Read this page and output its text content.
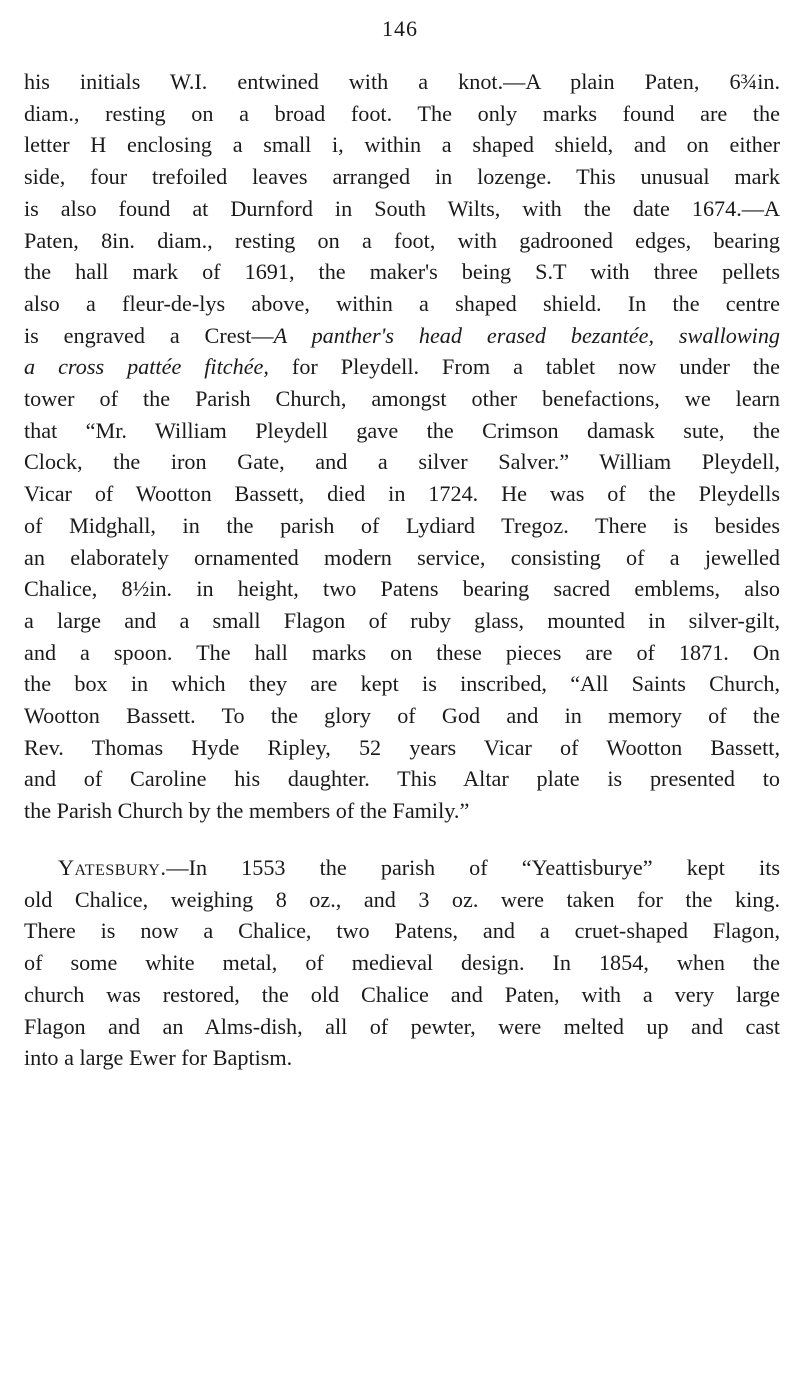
146
his initials W.I. entwined with a knot.—A plain Paten, 6¾in.
diam., resting on a broad foot. The only marks found are the
letter H enclosing a small i, within a shaped shield, and on either
side, four trefoiled leaves arranged in lozenge. This unusual mark
is also found at Durnford in South Wilts, with the date 1674.—A
Paten, 8in. diam., resting on a foot, with gadrooned edges, bearing
the hall mark of 1691, the maker's being S.T with three pellets
also a fleur-de-lys above, within a shaped shield. In the centre
is engraved a Crest—A panther's head erased bezantée, swallowing
a cross pattée fitchée, for Pleydell. From a tablet now under the
tower of the Parish Church, amongst other benefactions, we learn
that “Mr. William Pleydell gave the Crimson damask sute, the
Clock, the iron Gate, and a silver Salver.” William Pleydell,
Vicar of Wootton Bassett, died in 1724. He was of the Pleydells
of Midghall, in the parish of Lydiard Tregoz. There is besides
an elaborately ornamented modern service, consisting of a jewelled
Chalice, 8½in. in height, two Patens bearing sacred emblems, also
a large and a small Flagon of ruby glass, mounted in silver-gilt,
and a spoon. The hall marks on these pieces are of 1871. On
the box in which they are kept is inscribed, “All Saints Church,
Wootton Bassett. To the glory of God and in memory of the
Rev. Thomas Hyde Ripley, 52 years Vicar of Wootton Bassett,
and of Caroline his daughter. This Altar plate is presented to
the Parish Church by the members of the Family.”
Yatesbury.—In 1553 the parish of “Yeattisburye” kept its
old Chalice, weighing 8 oz., and 3 oz. were taken for the king.
There is now a Chalice, two Patens, and a cruet-shaped Flagon,
of some white metal, of medieval design. In 1854, when the
church was restored, the old Chalice and Paten, with a very large
Flagon and an Alms-dish, all of pewter, were melted up and cast
into a large Ewer for Baptism.
